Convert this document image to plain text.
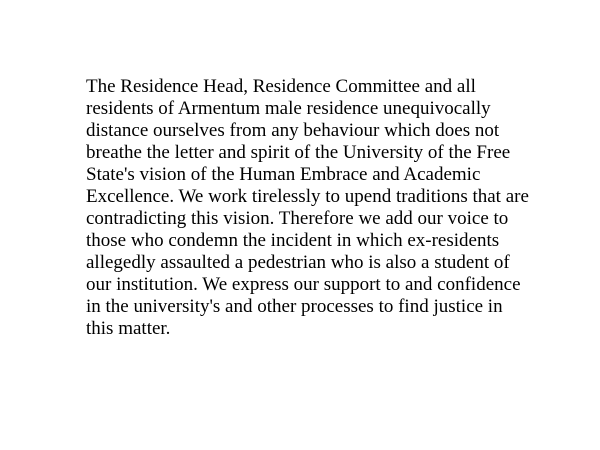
The Residence Head, Residence Committee and all
residents of Armentum male residence unequivocally
distance ourselves from any behaviour which does not
breathe the letter and spirit of the University of the Free
State's vision of the Human Embrace and Academic
Excellence. We work tirelessly to upend traditions that are
contradicting this vision. Therefore we add our voice to
those who condemn the incident in which ex-residents
allegedly assaulted a pedestrian who is also a student of
our institution. We express our support to and confidence
in the university's and other processes to find justice in
this matter.
